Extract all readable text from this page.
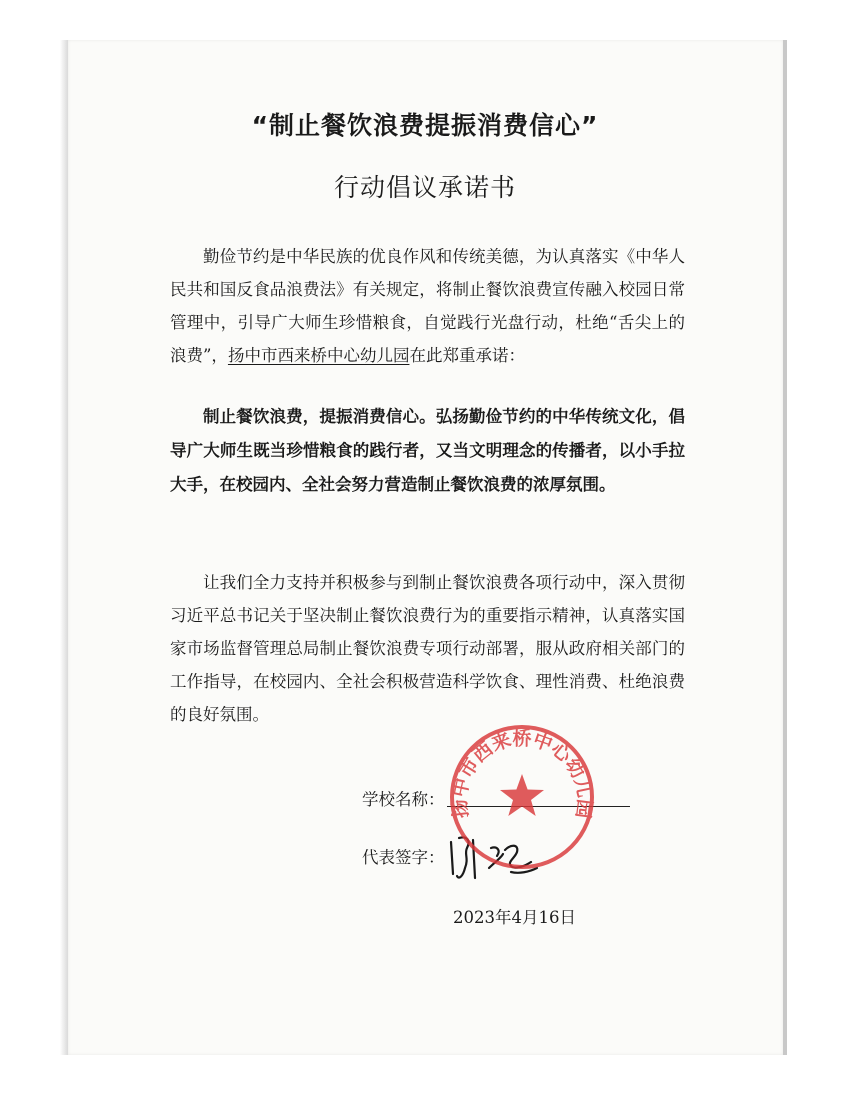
“制止餐饮浪费提振消费信心”
行动倡议承诺书
勤俭节约是中华民族的优良作风和传统美德，为认真落实《中华人民共和国反食品浪费法》有关规定，将制止餐饮浪费宣传融入校园日常管理中，引导广大师生珍惜粮食，自觉践行光盘行动，杜绝“舌尖上的浪费”，扬中市西来桥中心幼儿园在此郑重承诺：
制止餐饮浪费，提振消费信心。弘扬勤俭节约的中华传统文化，倡导广大师生既当珍惜粮食的践行者，又当文明理念的传播者，以小手拉大手，在校园内、全社会努力营造制止餐饮浪费的浓厚氛围。
让我们全力支持并积极参与到制止餐饮浪费各项行动中，深入贯彻习近平总书记关于坚决制止餐饮浪费行为的重要指示精神，认真落实国家市场监督管理总局制止餐饮浪费专项行动部署，服从政府相关部门的工作指导，在校园内、全社会积极营造科学饮食、理性消费、杜绝浪费的良好氛围。
学校名称：
代表签字：
扬中市西来桥中心幼儿园
2023年4月16日
